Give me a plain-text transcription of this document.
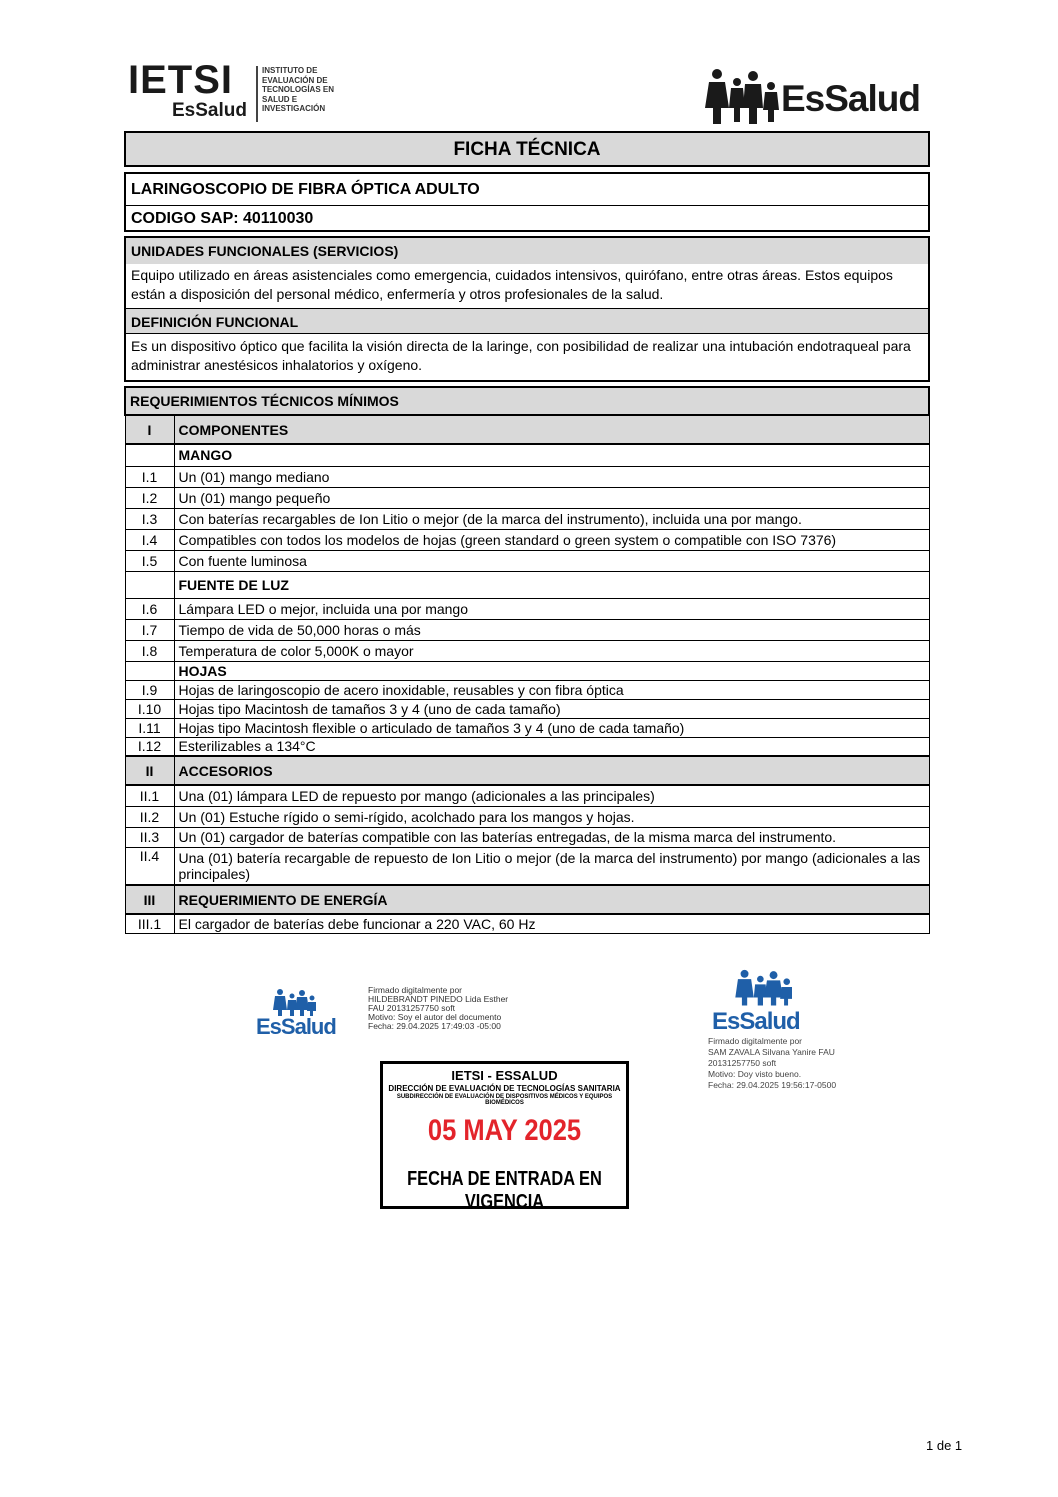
IETSI
EsSalud
INSTITUTO DE EVALUACIÓN DE TECNOLOGÍAS EN SALUD E INVESTIGACIÓN	EsSalud
FICHA TÉCNICA
LARINGOSCOPIO DE FIBRA ÓPTICA ADULTO
CODIGO SAP: 40110030
UNIDADES FUNCIONALES (SERVICIOS)
Equipo utilizado en áreas asistenciales como emergencia, cuidados intensivos, quirófano, entre otras áreas. Estos equipos están a disposición del personal médico, enfermería y otros profesionales de la salud.
DEFINICIÓN FUNCIONAL
Es un dispositivo óptico que facilita la visión directa de la laringe, con posibilidad de realizar una intubación endotraqueal para administrar anestésicos inhalatorios y oxígeno.
REQUERIMIENTOS TÉCNICOS MÍNIMOS	
I	COMPONENTES
	MANGO
I.1	Un (01) mango mediano
I.2	Un (01) mango pequeño
I.3	Con baterías recargables de Ion Litio o mejor (de la marca del instrumento), incluida una por mango.
I.4	Compatibles con todos los modelos de hojas (green standard o green system o compatible con ISO 7376)
I.5	Con fuente luminosa
	FUENTE DE LUZ
I.6	Lámpara LED o mejor, incluida una por mango
I.7	Tiempo de vida de 50,000 horas o más
I.8	Temperatura de color 5,000K o mayor
	HOJAS
I.9	Hojas de laringoscopio de acero inoxidable, reusables y con fibra óptica
I.10	Hojas tipo Macintosh de tamaños 3 y 4 (uno de cada tamaño)
I.11	Hojas tipo Macintosh flexible o articulado de tamaños 3 y 4 (uno de cada tamaño)
I.12	Esterilizables a 134°C
II	ACCESORIOS
II.1	Una (01) lámpara LED de repuesto por mango (adicionales a las principales)
II.2	Un (01) Estuche rígido o semi-rígido, acolchado para los mangos y hojas.
II.3	Un (01) cargador de baterías compatible con las baterías entregadas, de la misma marca del instrumento.
II.4	Una (01) batería recargable de repuesto de Ion Litio o mejor (de la marca del instrumento) por mango (adicionales a las principales)
III	REQUERIMIENTO DE ENERGÍA
III.1	El cargador de baterías debe funcionar a 220 VAC, 60 Hz
EsSalud
Firmado digitalmente por
HILDEBRANDT PINEDO Lida Esther
FAU 20131257750 soft
Motivo: Soy el autor del documento
Fecha: 29.04.2025 17:49:03 -05:00	EsSalud
Firmado digitalmente por
SAM ZAVALA Silvana Yanire FAU
20131257750 soft
Motivo: Doy visto bueno.
Fecha: 29.04.2025 19:56:17-0500
IETSI - ESSALUD
DIRECCIÓN DE EVALUACIÓN DE TECNOLOGÍAS SANITARIA
SUBDIRECCIÓN DE EVALUACIÓN DE DISPOSITIVOS MÉDICOS Y EQUIPOS BIOMÉDICOS
05 MAY 2025
FECHA DE ENTRADA EN VIGENCIA
1 de 1
